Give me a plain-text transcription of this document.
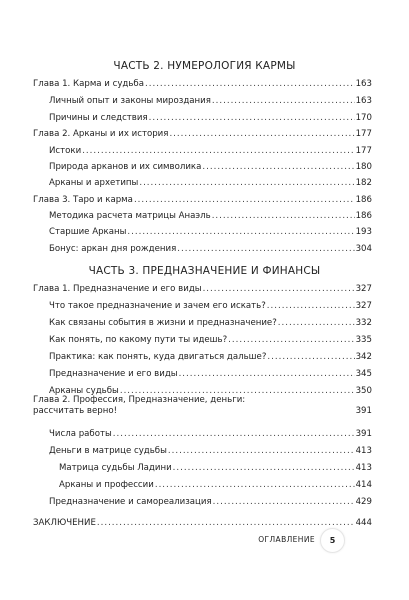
ЧАСТЬ 2. НУМЕРОЛОГИЯ КАРМЫ
Глава 1. Карма и судьба .....	163
Личный опыт и законы мироздания .....	163
Причины и следствия .....	170
Глава 2. Арканы и их история .....	177
Истоки .....	177
Природа арканов и их символика .....	180
Арканы и архетипы .....	182
Глава 3. Таро и карма .....	186
Методика расчета матрицы Анаэль .....	186
Старшие Арканы .....	193
Бонус: аркан дня рождения .....	304
ЧАСТЬ 3. ПРЕДНАЗНАЧЕНИЕ И ФИНАНСЫ
Глава 1. Предназначение и его виды .....	327
Что такое предназначение и зачем его искать? .....	327
Как связаны события в жизни и предназначение? .....	332
Как понять, по какому пути ты идешь? .....	335
Практика: как понять, куда двигаться дальше? .....	342
Предназначение и его виды .....	345
Арканы судьбы .....	350
Глава 2. Профессия, Предназначение, деньги:
рассчитать верно!	391
Числа работы .....	391
Деньги в матрице судьбы .....	413
Матрица судьбы Ладини .....	413
Арканы и профессии .....	414
Предназначение и самореализация .....	429
ЗАКЛЮЧЕНИЕ .....	444
ОГЛАВЛЕНИЕ	5
